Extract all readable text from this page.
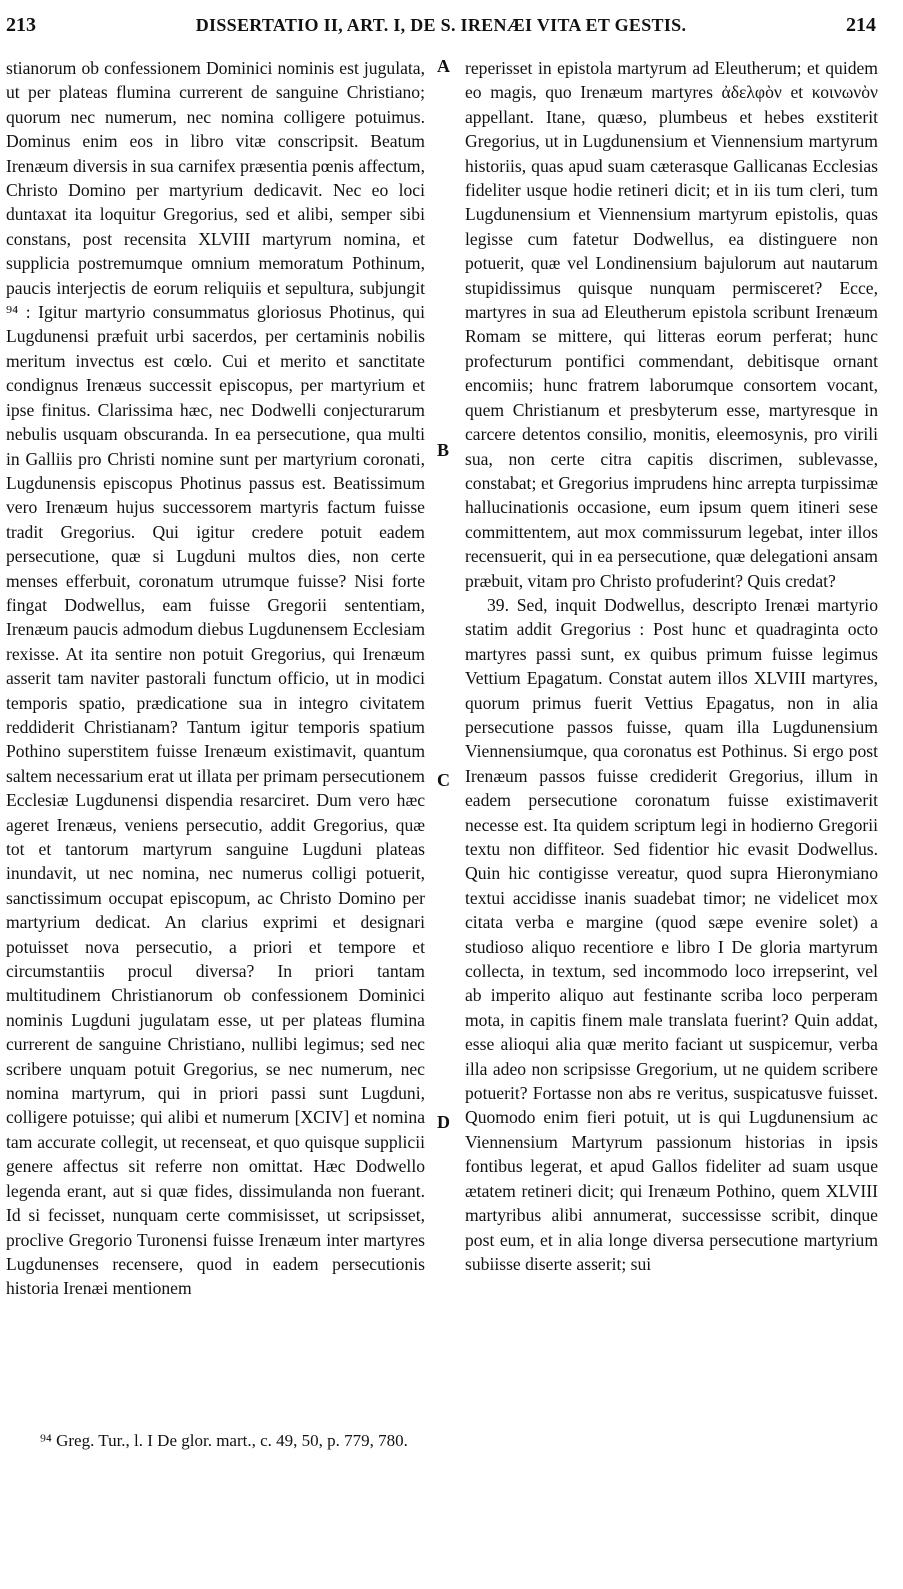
213	DISSERTATIO II, ART. I, DE S. IRENÆI VITA ET GESTIS.	214

stianorum ob confessionem Dominici nominis est jugulata, ut per plateas flumina currerent de sanguine Christiano; quorum nec numerum, nec nomina colligere potuimus. Dominus enim eos in libro vitæ conscripsit. Beatum Irenæum diversis in sua carnifex præsentia pœnis affectum, Christo Domino per martyrium dedicavit. Nec eo loci duntaxat ita loquitur Gregorius, sed et alibi, semper sibi constans, post recensita XLVIII martyrum nomina, et supplicia postremumque omnium memoratum Pothinum, paucis interjectis de eorum reliquiis et sepultura, subjungit ⁹⁴ : Igitur martyrio consummatus gloriosus Photinus, qui Lugdunensi præfuit urbi sacerdos, per certaminis nobilis meritum invectus est cœlo. Cui et merito et sanctitate condignus Irenæus successit episcopus, per martyrium et ipse finitus. Clarissima hæc, nec Dodwelli conjecturarum nebulis usquam obscuranda. In ea persecutione, qua multi in Galliis pro Christi nomine sunt per martyrium coronati, Lugdunensis episcopus Photinus passus est. Beatissimum vero Irenæum hujus successorem martyris factum fuisse tradit Gregorius. Qui igitur credere potuit eadem persecutione, quæ si Lugduni multos dies, non certe menses efferbuit, coronatum utrumque fuisse? Nisi forte fingat Dodwellus, eam fuisse Gregorii sententiam, Irenæum paucis admodum diebus Lugdunensem Ecclesiam rexisse. At ita sentire non potuit Gregorius, qui Irenæum asserit tam naviter pastorali functum officio, ut in modici temporis spatio, prædicatione sua in integro civitatem reddiderit Christianam? Tantum igitur temporis spatium Pothino superstitem fuisse Irenæum existimavit, quantum saltem necessarium erat ut illata per primam persecutionem Ecclesiæ Lugdunensi dispendia resarciret. Dum vero hæc ageret Irenæus, veniens persecutio, addit Gregorius, quæ tot et tantorum martyrum sanguine Lugduni plateas inundavit, ut nec nomina, nec numerus colligi potuerit, sanctissimum occupat episcopum, ac Christo Domino per martyrium dedicat. An clarius exprimi et designari potuisset nova persecutio, a priori et tempore et circumstantiis procul diversa? In priori tantam multitudinem Christianorum ob confessionem Dominici nominis Lugduni jugulatam esse, ut per plateas flumina currerent de sanguine Christiano, nullibi legimus; sed nec scribere unquam potuit Gregorius, se nec numerum, nec nomina martyrum, qui in priori passi sunt Lugduni, colligere potuisse; qui alibi et numerum [XCIV] et nomina tam accurate collegit, ut recenseat, et quo quisque supplicii genere affectus sit referre non omittat. Hæc Dodwello legenda erant, aut si quæ fides, dissimulanda non fuerant. Id si fecisset, nunquam certe commisisset, ut scripsisset, proclive Gregorio Turonensi fuisse Irenæum inter martyres Lugdunenses recensere, quod in eadem persecutionis historia Irenæi mentionem

A
B
C
D

reperisset in epistola martyrum ad Eleutherum; et quidem eo magis, quo Irenæum martyres ἀδελφὸν et κοινωνὸν appellant. Itane, quæso, plumbeus et hebes exstiterit Gregorius, ut in Lugdunensium et Viennensium martyrum historiis, quas apud suam cæterasque Gallicanas Ecclesias fideliter usque hodie retineri dicit; et in iis tum cleri, tum Lugdunensium et Viennensium martyrum epistolis, quas legisse cum fatetur Dodwellus, ea distinguere non potuerit, quæ vel Londinensium bajulorum aut nautarum stupidissimus quisque nunquam permisceret? Ecce, martyres in sua ad Eleutherum epistola scribunt Irenæum Romam se mittere, qui litteras eorum perferat; hunc profecturum pontifici commendant, debitisque ornant encomiis; hunc fratrem laborumque consortem vocant, quem Christianum et presbyterum esse, martyresque in carcere detentos consilio, monitis, eleemosynis, pro virili sua, non certe citra capitis discrimen, sublevasse, constabat; et Gregorius imprudens hinc arrepta turpissimæ hallucinationis occasione, eum ipsum quem itineri sese committentem, aut mox commissurum legebat, inter illos recensuerit, qui in ea persecutione, quæ delegationi ansam præbuit, vitam pro Christo profuderint? Quis credat?

39. Sed, inquit Dodwellus, descripto Irenæi martyrio statim addit Gregorius : Post hunc et quadraginta octo martyres passi sunt, ex quibus primum fuisse legimus Vettium Epagatum. Constat autem illos XLVIII martyres, quorum primus fuerit Vettius Epagatus, non in alia persecutione passos fuisse, quam illa Lugdunensium Viennensiumque, qua coronatus est Pothinus. Si ergo post Irenæum passos fuisse crediderit Gregorius, illum in eadem persecutione coronatum fuisse existimaverit necesse est. Ita quidem scriptum legi in hodierno Gregorii textu non diffiteor. Sed fidentior hic evasit Dodwellus. Quin hic contigisse vereatur, quod supra Hieronymiano textui accidisse inanis suadebat timor; ne videlicet mox citata verba e margine (quod sæpe evenire solet) a studioso aliquo recentiore e libro I De gloria martyrum collecta, in textum, sed incommodo loco irrepserint, vel ab imperito aliquo aut festinante scriba loco perperam mota, in capitis finem male translata fuerint? Quin addat, esse alioqui alia quæ merito faciant ut suspicemur, verba illa adeo non scripsisse Gregorium, ut ne quidem scribere potuerit? Fortasse non abs re veritus, suspicatusve fuisset. Quomodo enim fieri potuit, ut is qui Lugdunensium ac Viennensium Martyrum passionum historias in ipsis fontibus legerat, et apud Gallos fideliter ad suam usque ætatem retineri dicit; qui Irenæum Pothino, quem XLVIII martyribus alibi annumerat, successisse scribit, dinque post eum, et in alia longe diversa persecutione martyrium subiisse diserte asserit; sui

⁹⁴ Greg. Tur., l. I De glor. mart., c. 49, 50, p. 779, 780.
